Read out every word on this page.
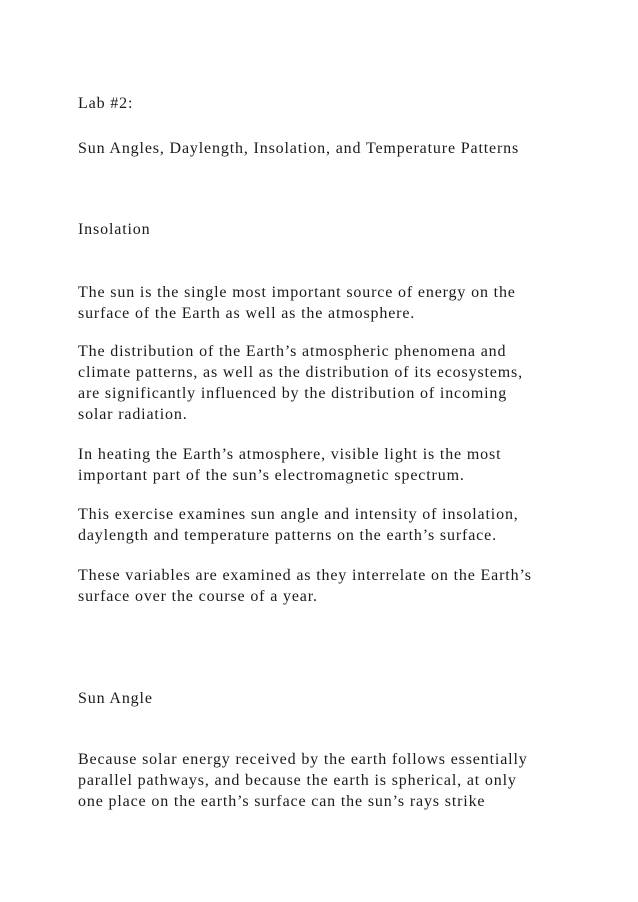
Lab #2:
Sun Angles, Daylength, Insolation, and Temperature Patterns
Insolation
The sun is the single most important source of energy on the
surface of the Earth as well as the atmosphere.
The distribution of the Earth’s atmospheric phenomena and
climate patterns, as well as the distribution of its ecosystems,
are significantly influenced by the distribution of incoming
solar radiation.
In heating the Earth’s atmosphere, visible light is the most
important part of the sun’s electromagnetic spectrum.
This exercise examines sun angle and intensity of insolation,
daylength and temperature patterns on the earth’s surface.
These variables are examined as they interrelate on the Earth’s
surface over the course of a year.
Sun Angle
Because solar energy received by the earth follows essentially
parallel pathways, and because the earth is spherical, at only
one place on the earth’s surface can the sun’s rays strike
